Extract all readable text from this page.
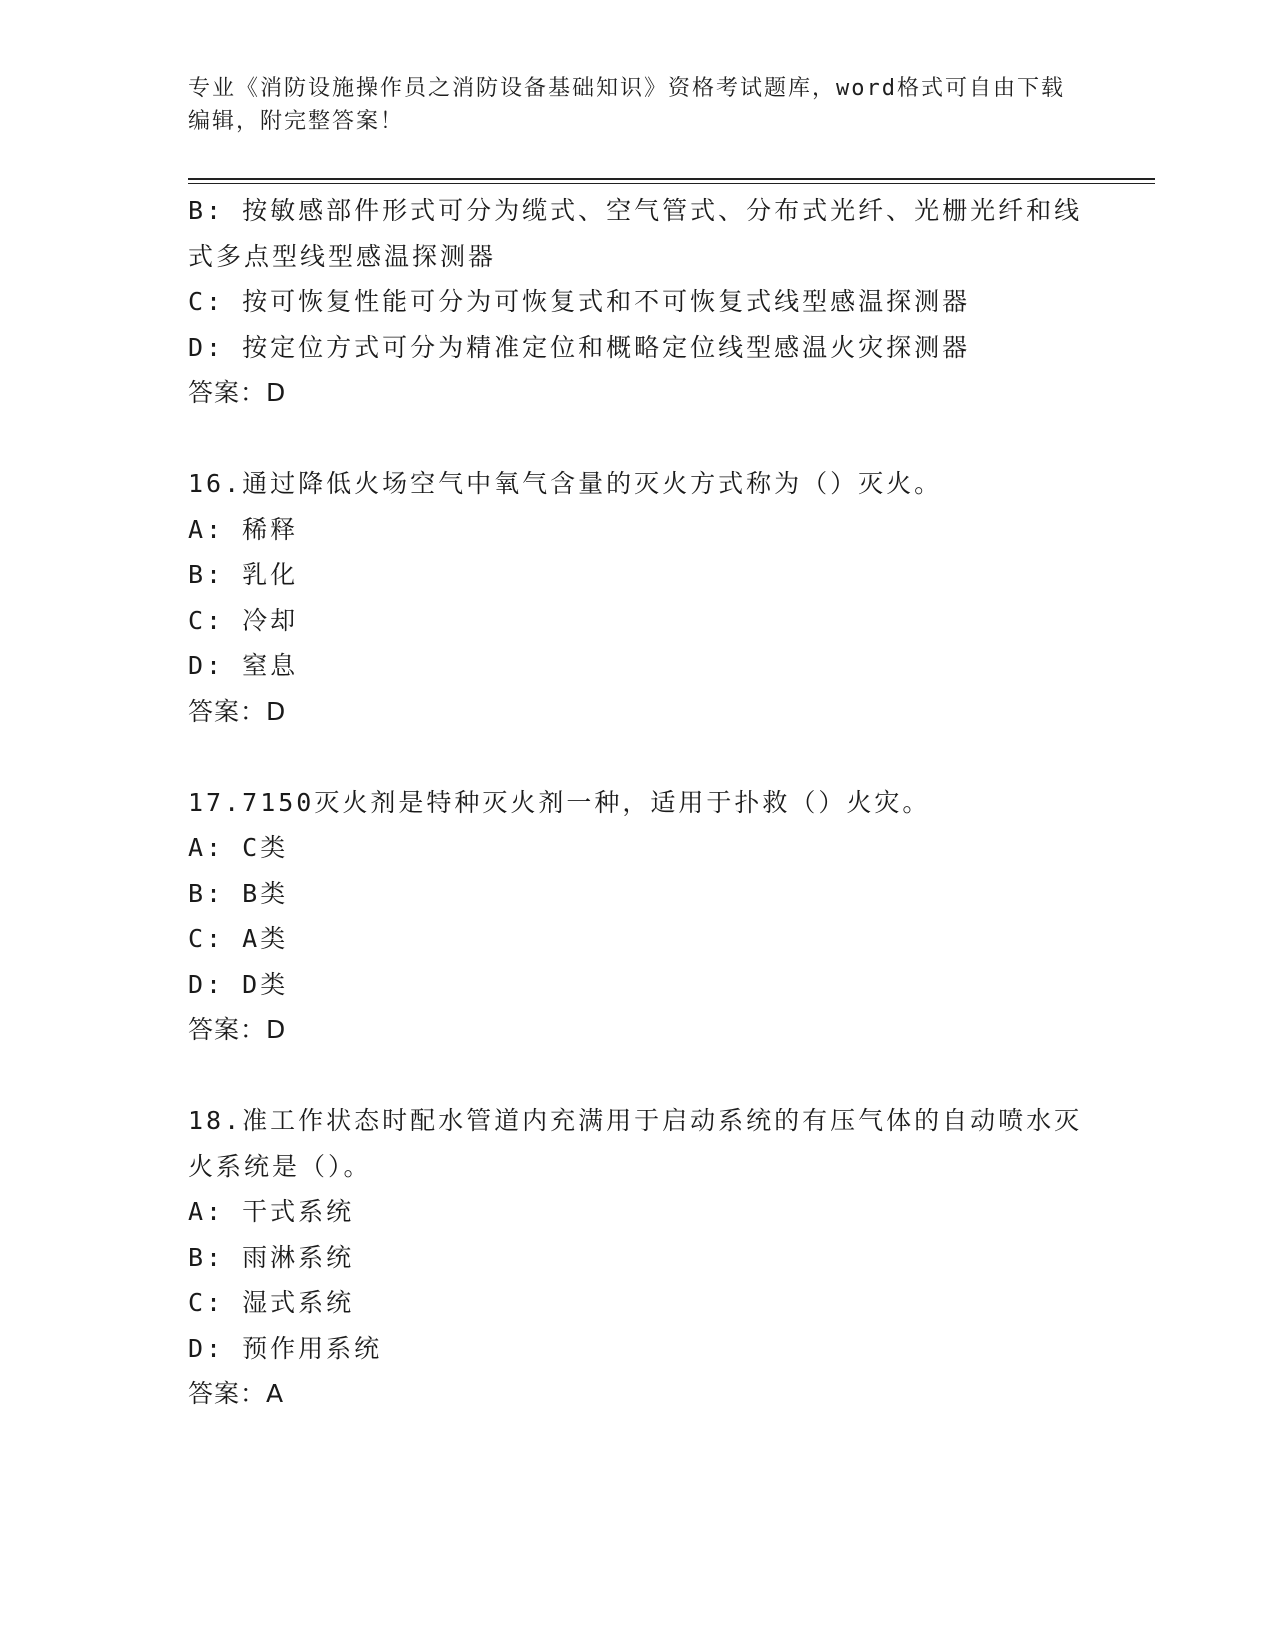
专业《消防设施操作员之消防设备基础知识》资格考试题库，word格式可自由下载编辑，附完整答案！
B: 按敏感部件形式可分为缆式、空气管式、分布式光纤、光栅光纤和线式多点型线型感温探测器
C: 按可恢复性能可分为可恢复式和不可恢复式线型感温探测器
D: 按定位方式可分为精准定位和概略定位线型感温火灾探测器
答案：D
16.通过降低火场空气中氧气含量的灭火方式称为（）灭火。
A: 稀释
B: 乳化
C: 冷却
D: 窒息
答案：D
17.7150灭火剂是特种灭火剂一种，适用于扑救（）火灾。
A: C类
B: B类
C: A类
D: D类
答案：D
18.准工作状态时配水管道内充满用于启动系统的有压气体的自动喷水灭火系统是（）。
A: 干式系统
B: 雨淋系统
C: 湿式系统
D: 预作用系统
答案：A
